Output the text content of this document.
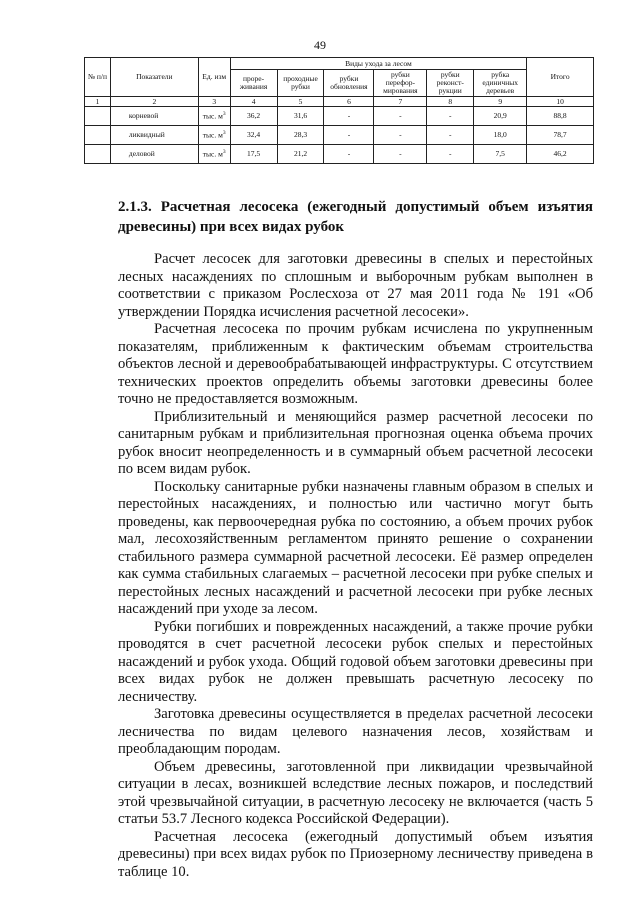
49
№ п/п	Показатели	Ед. изм	Виды ухода за лесом						Итого
			проре-живания	проходные рубки	рубки обновления	рубки перефор-мирования	рубки реконст-рукции	рубка единичных деревьев	
1	2	3	4	5	6	7	8	9	10
	корневой	тыс. $м^3$	36,2	31,6	-	-	-	20,9	88,8
	ликвидный	тыс. $м^3$	32,4	28,3	-	-	-	18,0	78,7
	деловой	тыс. $м^3$	17,5	21,2	-	-	-	7,5	46,2
2.1.3. Расчетная лесосека (ежегодный допустимый объем изъятия древесины) при всех видах рубок

Расчет лесосек для заготовки древесины в спелых и перестойных лесных насаждениях по сплошным и выборочным рубкам выполнен в соответствии с приказом Рослесхоза от 27 мая 2011 года № 191 «Об утверждении Порядка исчисления расчетной лесосеки».

Расчетная лесосека по прочим рубкам исчислена по укрупненным показателям, приближенным к фактическим объемам строительства объектов лесной и деревообрабатывающей инфраструктуры. С отсутствием технических проектов определить объемы заготовки древесины более точно не предоставляется возможным.

Приблизительный и меняющийся размер расчетной лесосеки по санитарным рубкам и приблизительная прогнозная оценка объема прочих рубок вносит неопределенность и в суммарный объем расчетной лесосеки по всем видам рубок.

Поскольку санитарные рубки назначены главным образом в спелых и перестойных насаждениях, и полностью или частично могут быть проведены, как первоочередная рубка по состоянию, а объем прочих рубок мал, лесохозяйственным регламентом принято решение о сохранении стабильного размера суммарной расчетной лесосеки. Её размер определен как сумма стабильных слагаемых – расчетной лесосеки при рубке спелых и перестойных лесных насаждений и расчетной лесосеки при рубке лесных насаждений при уходе за лесом.

Рубки погибших и поврежденных насаждений, а также прочие рубки проводятся в счет расчетной лесосеки рубок спелых и перестойных насаждений и рубок ухода. Общий годовой объем заготовки древесины при всех видах рубок не должен превышать расчетную лесосеку по лесничеству.

Заготовка древесины осуществляется в пределах расчетной лесосеки лесничества по видам целевого назначения лесов, хозяйствам и преобладающим породам.

Объем древесины, заготовленной при ликвидации чрезвычайной ситуации в лесах, возникшей вследствие лесных пожаров, и последствий этой чрезвычайной ситуации, в расчетную лесосеку не включается (часть 5 статьи 53.7 Лесного кодекса Российской Федерации).

Расчетная лесосека (ежегодный допустимый объем изъятия древесины) при всех видах рубок по Приозерному лесничеству приведена в таблице 10.
